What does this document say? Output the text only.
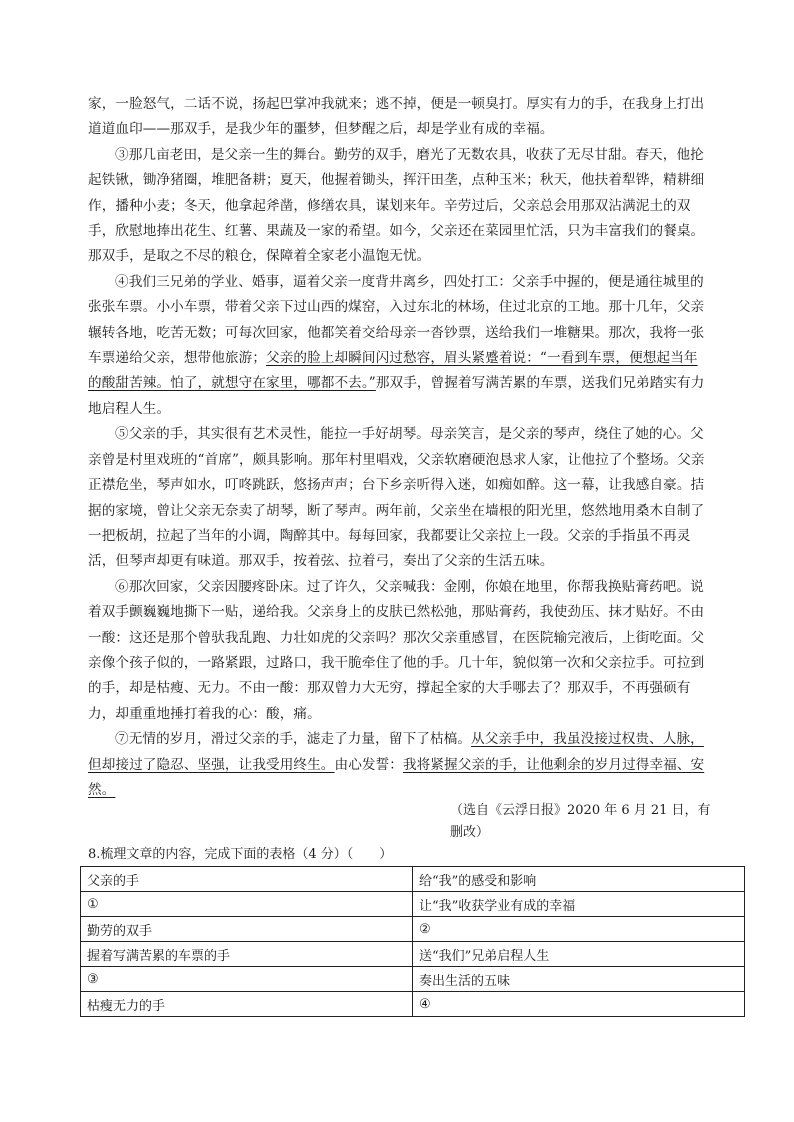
家，一脸怒气，二话不说，扬起巴掌冲我就来；逃不掉，便是一顿臭打。厚实有力的手，在我身上打出道道血印——那双手，是我少年的噩梦，但梦醒之后，却是学业有成的幸福。

③那几亩老田，是父亲一生的舞台。勤劳的双手，磨光了无数农具，收获了无尽甘甜。春天，他抡起铁锹，锄净猪圈，堆肥备耕；夏天，他握着锄头，挥汗田垄，点种玉米；秋天，他扶着犁铧，精耕细作，播种小麦；冬天，他拿起斧凿，修缮农具，谋划来年。辛劳过后，父亲总会用那双沾满泥土的双手，欣慰地捧出花生、红薯、果蔬及一家的希望。如今，父亲还在菜园里忙活，只为丰富我们的餐桌。那双手，是取之不尽的粮仓，保障着全家老小温饱无忧。

④我们三兄弟的学业、婚事，逼着父亲一度背井离乡，四处打工：父亲手中握的，便是通往城里的张张车票。小小车票，带着父亲下过山西的煤窑，入过东北的林场，住过北京的工地。那十几年，父亲辗转各地，吃苦无数；可每次回家，他都笑着交给母亲一沓钞票，送给我们一堆糖果。那次，我将一张车票递给父亲，想带他旅游；父亲的脸上却瞬间闪过愁容，眉头紧蹙着说：“一看到车票，便想起当年的酸甜苦辣。怕了，就想守在家里，哪都不去。”那双手，曾握着写满苦累的车票，送我们兄弟踏实有力地启程人生。

⑤父亲的手，其实很有艺术灵性，能拉一手好胡琴。母亲笑言，是父亲的琴声，绕住了她的心。父亲曾是村里戏班的“首席”，颇具影响。那年村里唱戏，父亲软磨硬泡恳求人家，让他拉了个整场。父亲正襟危坐，琴声如水，叮咚跳跃，悠扬声声；台下乡亲听得入迷，如痴如醉。这一幕，让我感自豪。拮据的家境，曾让父亲无奈卖了胡琴，断了琴声。两年前，父亲坐在墙根的阳光里，悠然地用桑木自制了一把板胡，拉起了当年的小调，陶醉其中。每每回家，我都要让父亲拉上一段。父亲的手指虽不再灵活，但琴声却更有味道。那双手，按着弦、拉着弓，奏出了父亲的生活五味。

⑥那次回家，父亲因腰疼卧床。过了许久，父亲喊我：金刚，你娘在地里，你帮我换贴膏药吧。说着双手颤巍巍地撕下一贴，递给我。父亲身上的皮肤已然松弛，那贴膏药，我使劲压、抹才贴好。不由一酸：这还是那个曾驮我乱跑、力壮如虎的父亲吗？那次父亲重感冒，在医院输完液后，上街吃面。父亲像个孩子似的，一路紧跟，过路口，我干脆牵住了他的手。几十年，貌似第一次和父亲拉手。可拉到的手，却是枯瘦、无力。不由一酸：那双曾力大无穷，撑起全家的大手哪去了？那双手，不再强硕有力，却重重地捶打着我的心：酸，痛。

⑦无情的岁月，滑过父亲的手，滤走了力量，留下了枯槁。从父亲手中，我虽没接过权贵、人脉，但却接过了隐忍、坚强，让我受用终生。由心发誓：我将紧握父亲的手，让他剩余的岁月过得幸福、安然。

（选自《云浮日报》2020 年 6 月 21 日，有删改）
8.梳理文章的内容，完成下面的表格（4 分）（　　）
父亲的手	给“我”的感受和影响
①	让“我”收获学业有成的幸福
勤劳的双手	②
握着写满苦累的车票的手	送“我们”兄弟启程人生
③	奏出生活的五味
枯瘦无力的手	④
